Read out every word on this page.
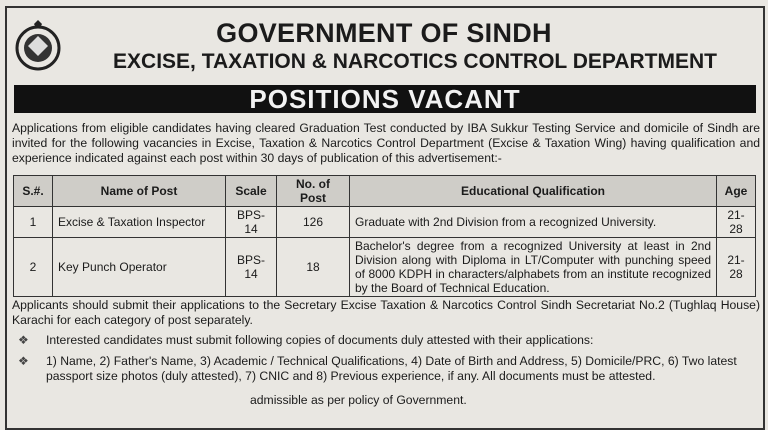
GOVERNMENT OF SINDH
EXCISE, TAXATION & NARCOTICS CONTROL DEPARTMENT
POSITIONS VACANT
Applications from eligible candidates having cleared Graduation Test conducted by IBA Sukkur Testing Service and domicile of Sindh are invited for the following vacancies in Excise, Taxation & Narcotics Control Department (Excise & Taxation Wing) having qualification and experience indicated against each post within 30 days of publication of this advertisement:-
S.#.	Name of Post	Scale	No. of Post	Educational Qualification	Age
1	Excise & Taxation Inspector	BPS-14	126	Graduate with 2nd Division from a recognized University.	21-28
2	Key Punch Operator	BPS-14	18	Bachelor's degree from a recognized University at least in 2nd Division along with Diploma in LT/Computer with punching speed of 8000 KDPH in characters/alphabets from an institute recognized by the Board of Technical Education.	21-28
Applicants should submit their applications to the Secretary Excise Taxation & Narcotics Control Sindh Secretariat No.2 (Tughlaq House) Karachi for each category of post separately.
❖ Interested candidates must submit following copies of documents duly attested with their applications:
❖ 1) Name, 2) Father's Name, 3) Academic / Technical Qualifications, 4) Date of Birth and Address, 5) Domicile/PRC, 6) Two latest passport size photos (duly attested), 7) CNIC and 8) Previous experience, if any. All documents must be attested.
admissible as per policy of Government.
